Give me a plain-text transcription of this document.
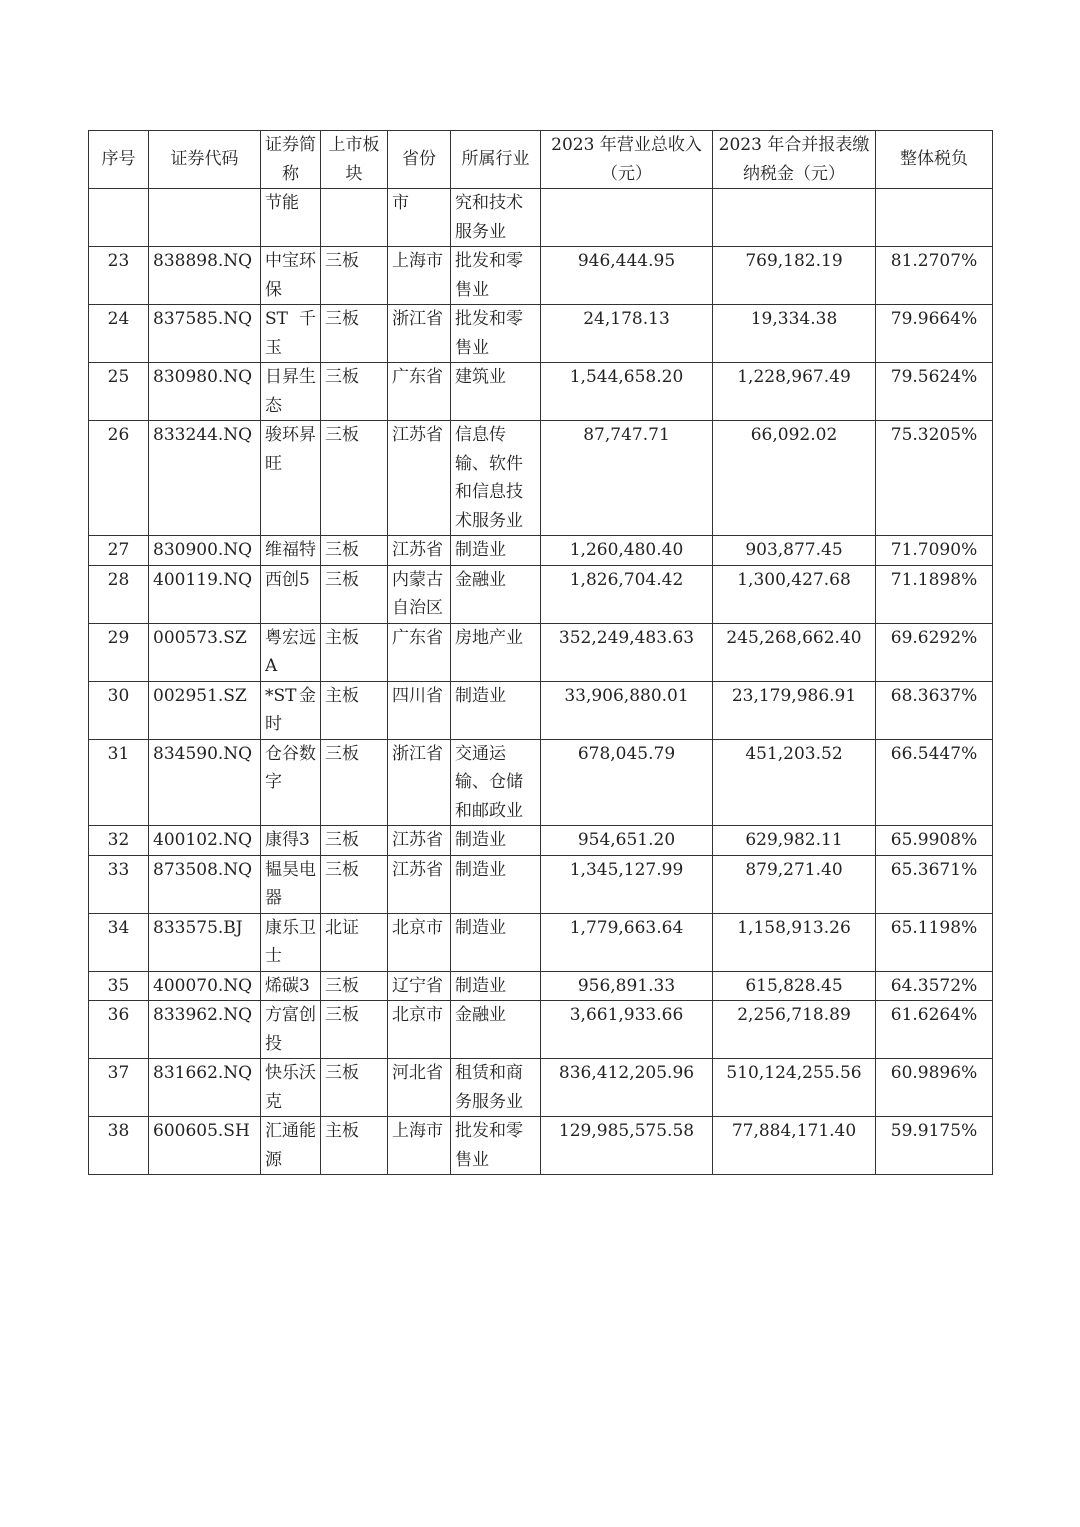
序号	证券代码	证券简称	上市板块	省份	所属行业	2023 年营业总收入（元）	2023 年合并报表缴纳税金（元）	整体税负
		节能		市	究和技术服务业			
23	838898.NQ	中宝环保	三板	上海市	批发和零售业	946,444.95	769,182.19	81.2707%
24	837585.NQ	ST千玉	三板	浙江省	批发和零售业	24,178.13	19,334.38	79.9664%
25	830980.NQ	日昇生态	三板	广东省	建筑业	1,544,658.20	1,228,967.49	79.5624%
26	833244.NQ	骏环昇旺	三板	江苏省	信息传输、软件和信息技术服务业	87,747.71	66,092.02	75.3205%
27	830900.NQ	维福特	三板	江苏省	制造业	1,260,480.40	903,877.45	71.7090%
28	400119.NQ	西创5	三板	内蒙古自治区	金融业	1,826,704.42	1,300,427.68	71.1898%
29	000573.SZ	粤宏远A	主板	广东省	房地产业	352,249,483.63	245,268,662.40	69.6292%
30	002951.SZ	*ST金时	主板	四川省	制造业	33,906,880.01	23,179,986.91	68.3637%
31	834590.NQ	仓谷数字	三板	浙江省	交通运输、仓储和邮政业	678,045.79	451,203.52	66.5447%
32	400102.NQ	康得3	三板	江苏省	制造业	954,651.20	629,982.11	65.9908%
33	873508.NQ	韫昊电器	三板	江苏省	制造业	1,345,127.99	879,271.40	65.3671%
34	833575.BJ	康乐卫士	北证	北京市	制造业	1,779,663.64	1,158,913.26	65.1198%
35	400070.NQ	烯碳3	三板	辽宁省	制造业	956,891.33	615,828.45	64.3572%
36	833962.NQ	方富创投	三板	北京市	金融业	3,661,933.66	2,256,718.89	61.6264%
37	831662.NQ	快乐沃克	三板	河北省	租赁和商务服务业	836,412,205.96	510,124,255.56	60.9896%
38	600605.SH	汇通能源	主板	上海市	批发和零售业	129,985,575.58	77,884,171.40	59.9175%
